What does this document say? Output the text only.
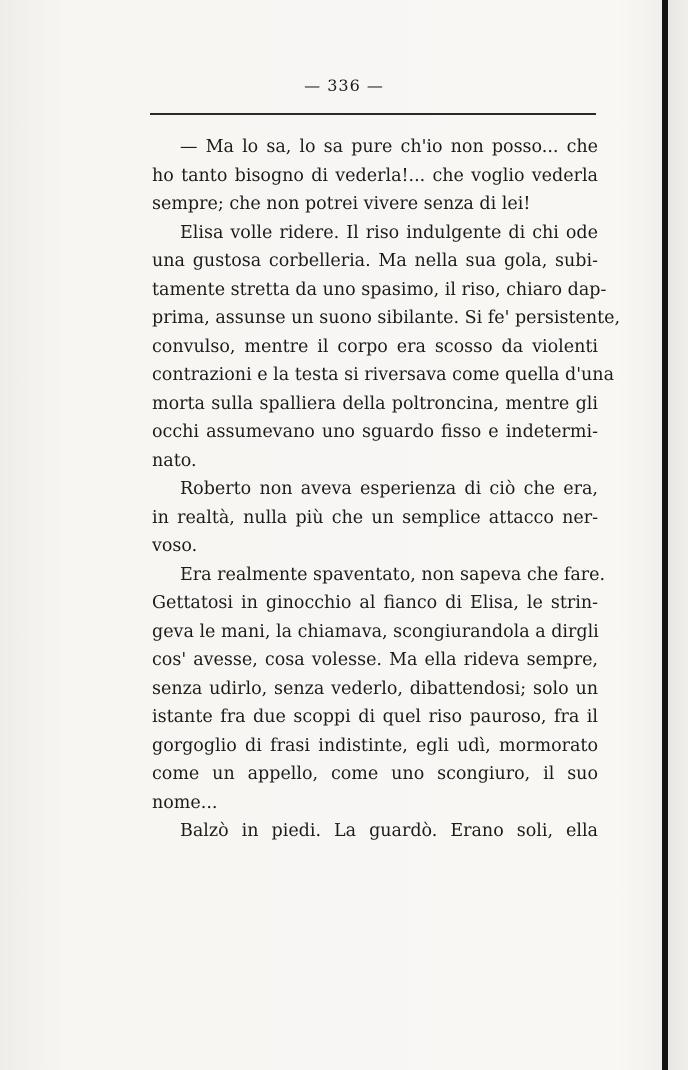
— 336 —
— Ma lo sa, lo sa pure ch'io non posso... che
ho tanto bisogno di vederla!... che voglio vederla
sempre; che non potrei vivere senza di lei!
Elisa volle ridere. Il riso indulgente di chi ode
una gustosa corbelleria. Ma nella sua gola, subi-
tamente stretta da uno spasimo, il riso, chiaro dap-
prima, assunse un suono sibilante. Si fe' persistente,
convulso, mentre il corpo era scosso da violenti
contrazioni e la testa si riversava come quella d'una
morta sulla spalliera della poltroncina, mentre gli
occhi assumevano uno sguardo fisso e indetermi-
nato.
Roberto non aveva esperienza di ciò che era,
in realtà, nulla più che un semplice attacco ner-
voso.
Era realmente spaventato, non sapeva che fare.
Gettatosi in ginocchio al fianco di Elisa, le strin-
geva le mani, la chiamava, scongiurandola a dirgli
cos' avesse, cosa volesse. Ma ella rideva sempre,
senza udirlo, senza vederlo, dibattendosi; solo un
istante fra due scoppi di quel riso pauroso, fra il
gorgoglio di frasi indistinte, egli udì, mormorato
come un appello, come uno scongiuro, il suo
nome...
Balzò in piedi. La guardò. Erano soli, ella
